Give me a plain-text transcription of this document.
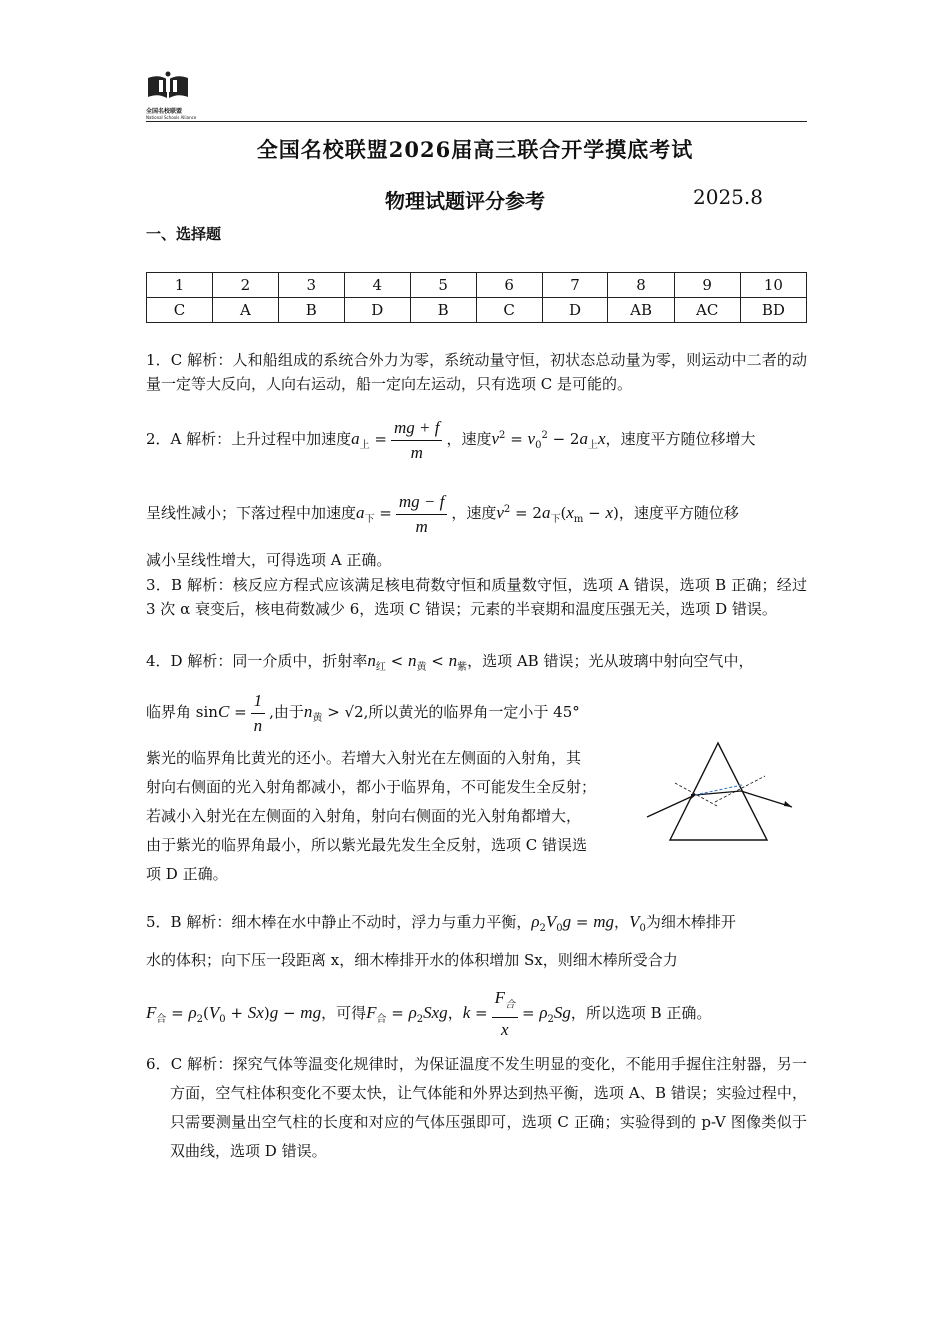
全国名校联盟
National Schools Alliance
全国名校联盟2026届高三联合开学摸底考试
物理试题评分参考	2025.8
一、选择题
1	2	3	4	5	6	7	8	9	10
C	A	B	D	B	C	D	AB	AC	BD
1．C 解析：人和船组成的系统合外力为零，系统动量守恒，初状态总动量为零，则运动中二者的动量一定等大反向，人向右运动，船一定向左运动，只有选项 C 是可能的。
2．A 解析：上升过程中加速度$a_上 = \frac{mg + f}{m}$ ，速度$v^2 = v_0^2 - 2a_上x$，速度平方随位移增大
呈线性减小；下落过程中加速度$a_下 = \frac{mg - f}{m}$ ，速度$v^2 = 2a_下(x_m - x)$，速度平方随位移
减小呈线性增大，可得选项 A 正确。
3．B 解析：核反应方程式应该满足核电荷数守恒和质量数守恒，选项 A 错误，选项 B 正确；经过 3 次 α 衰变后，核电荷数减少 6，选项 C 错误；元素的半衰期和温度压强无关，选项 D 错误。
4．D 解析：同一介质中，折射率$n_红 < n_黄 < n_紫$，选项 AB 错误；光从玻璃中射向空气中，
临界角 $\sin C = \frac{1}{n}$ ,由于$n_黄 > √2$,所以黄光的临界角一定小于 45°
紫光的临界角比黄光的还小。若增大入射光在左侧面的入射角，其
射向右侧面的光入射角都减小，都小于临界角，不可能发生全反射；
若减小入射光在左侧面的入射角，射向右侧面的光入射角都增大，
由于紫光的临界角最小，所以紫光最先发生全反射，选项 C 错误选
项 D 正确。
5．B 解析：细木棒在水中静止不动时，浮力与重力平衡，$\rho_2V_0g$ = mg，$V_0$为细木棒排开
水的体积；向下压一段距离 x，细木棒排开水的体积增加 Sx，则细木棒所受合力
$F_合 = \rho_2(V_0 + Sx)g$ − mg，可得$F_合 = \rho_2Sxg$，$k = \frac{F_合}{x} = \rho_2Sg$，所以选项 B 正确。
6．C 解析：探究气体等温变化规律时，为保证温度不发生明显的变化，不能用手握住注射器，另一方面，空气柱体积变化不要太快，让气体能和外界达到热平衡，选项 A、B 错误；实验过程中，只需要测量出空气柱的长度和对应的气体压强即可，选项 C 正确；实验得到的 p-V 图像类似于双曲线，选项 D 错误。
